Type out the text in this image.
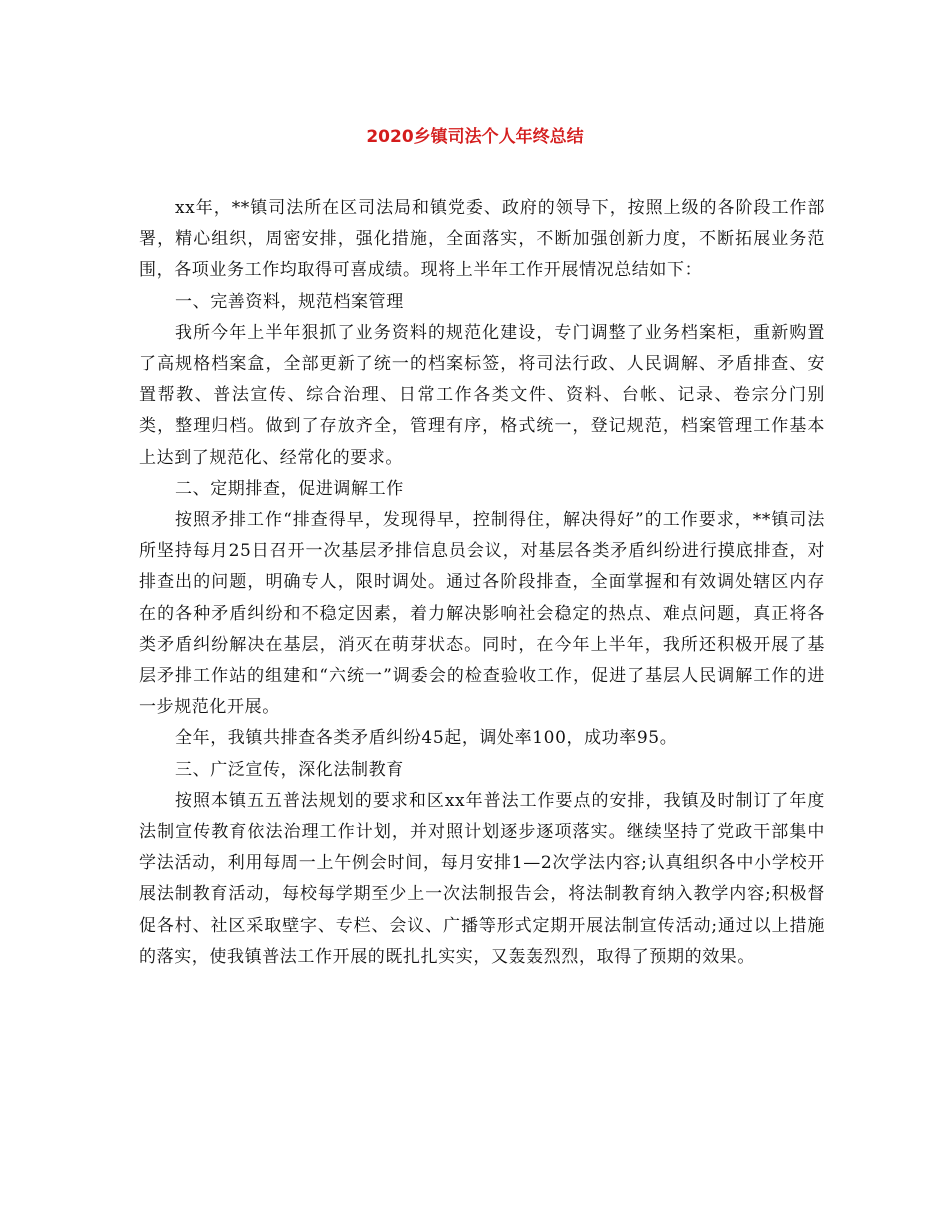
2020乡镇司法个人年终总结

xx年，**镇司法所在区司法局和镇党委、政府的领导下，按照上级的各阶段工作部署，精心组织，周密安排，强化措施，全面落实，不断加强创新力度，不断拓展业务范围，各项业务工作均取得可喜成绩。现将上半年工作开展情况总结如下：

一、完善资料，规范档案管理

我所今年上半年狠抓了业务资料的规范化建设，专门调整了业务档案柜，重新购置了高规格档案盒，全部更新了统一的档案标签，将司法行政、人民调解、矛盾排查、安置帮教、普法宣传、综合治理、日常工作各类文件、资料、台帐、记录、卷宗分门别类，整理归档。做到了存放齐全，管理有序，格式统一，登记规范，档案管理工作基本上达到了规范化、经常化的要求。

二、定期排查，促进调解工作

按照矛排工作“排查得早，发现得早，控制得住，解决得好”的工作要求，**镇司法所坚持每月25日召开一次基层矛排信息员会议，对基层各类矛盾纠纷进行摸底排查，对排查出的问题，明确专人，限时调处。通过各阶段排查，全面掌握和有效调处辖区内存在的各种矛盾纠纷和不稳定因素，着力解决影响社会稳定的热点、难点问题，真正将各类矛盾纠纷解决在基层，消灭在萌芽状态。同时，在今年上半年，我所还积极开展了基层矛排工作站的组建和“六统一”调委会的检查验收工作，促进了基层人民调解工作的进一步规范化开展。

全年，我镇共排查各类矛盾纠纷45起，调处率100，成功率95。

三、广泛宣传，深化法制教育

按照本镇五五普法规划的要求和区xx年普法工作要点的安排，我镇及时制订了年度法制宣传教育依法治理工作计划，并对照计划逐步逐项落实。继续坚持了党政干部集中学法活动，利用每周一上午例会时间，每月安排1—2次学法内容;认真组织各中小学校开展法制教育活动，每校每学期至少上一次法制报告会，将法制教育纳入教学内容;积极督促各村、社区采取壁字、专栏、会议、广播等形式定期开展法制宣传活动;通过以上措施的落实，使我镇普法工作开展的既扎扎实实，又轰轰烈烈，取得了预期的效果。
